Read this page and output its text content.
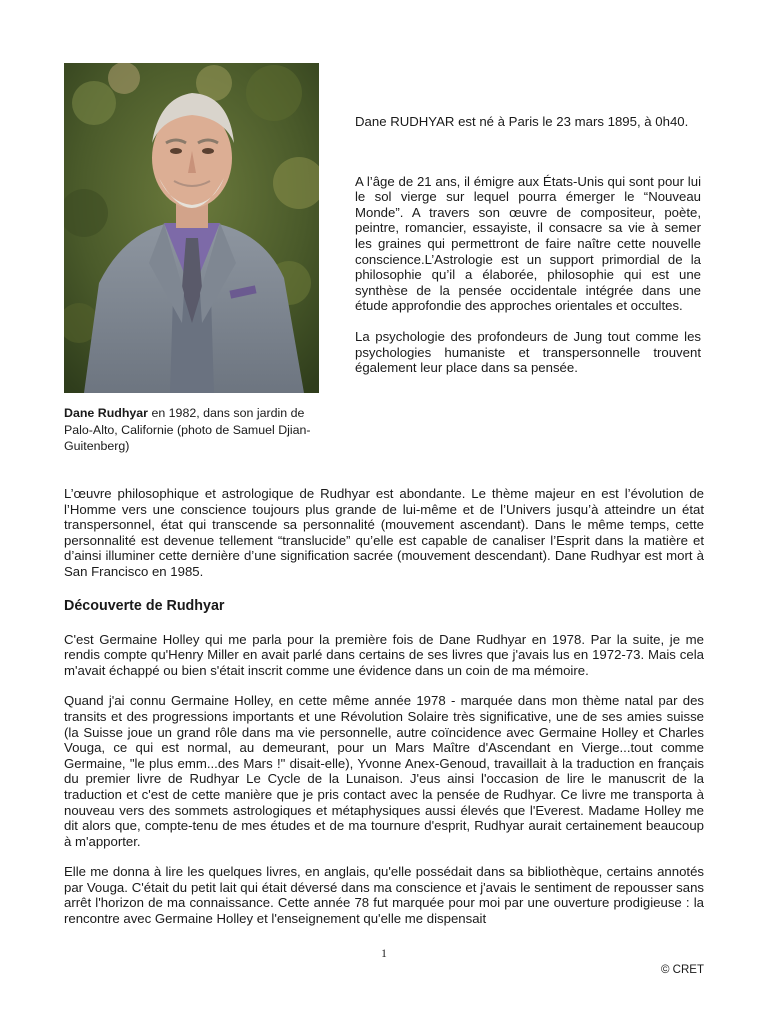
Dane Rudhyar en 1982, dans son jardin de Palo-Alto, Californie (photo de Samuel Djian-Guitenberg)

Dane RUDHYAR est né à Paris le 23 mars 1895, à 0h40.

A l’âge de 21 ans, il émigre aux États-Unis qui sont pour lui le sol vierge sur lequel pourra émerger le “Nouveau Monde”. A travers son œuvre de compositeur, poète, peintre, romancier, essayiste, il consacre sa vie à semer les graines qui permettront de faire naître cette nouvelle conscience.L’Astrologie est un support primordial de la philosophie qu’il a élaborée, philosophie qui est une synthèse de la pensée occidentale intégrée dans une étude approfondie des approches orientales et occultes.

La psychologie des profondeurs de Jung tout comme les psychologies humaniste et transpersonnelle trouvent également leur place dans sa pensée.

L’œuvre philosophique et astrologique de Rudhyar est abondante. Le thème majeur en est l’évolution de l’Homme vers une conscience toujours plus grande de lui-même et de l’Univers jusqu’à atteindre un état transpersonnel, état qui transcende sa personnalité (mouvement ascendant). Dans le même temps, cette personnalité est devenue tellement “translucide” qu’elle est capable de canaliser l’Esprit dans la matière et d’ainsi illuminer cette dernière d’une signification sacrée (mouvement descendant). Dane Rudhyar est mort à San Francisco en 1985.

Découverte de Rudhyar

C'est Germaine Holley qui me parla pour la première fois de Dane Rudhyar en 1978. Par la suite, je me rendis compte qu'Henry Miller en avait parlé dans certains de ses livres que j'avais lus en 1972-73. Mais cela m'avait échappé ou bien s'était inscrit comme une évidence dans un coin de ma mémoire.

Quand j'ai connu Germaine Holley, en cette même année 1978 - marquée dans mon thème natal par des transits et des progressions importants et une Révolution Solaire très significative, une de ses amies suisse (la Suisse joue un grand rôle dans ma vie personnelle, autre coïncidence avec Germaine Holley et Charles Vouga, ce qui est normal, au demeurant, pour un Mars Maître d'Ascendant en Vierge...tout comme Germaine, "le plus emm...des Mars !" disait-elle), Yvonne Anex-Genoud, travaillait à la traduction en français du premier livre de Rudhyar Le Cycle de la Lunaison. J'eus ainsi l'occasion de lire le manuscrit de la traduction et c'est de cette manière que je pris contact avec la pensée de Rudhyar. Ce livre me transporta à nouveau vers des sommets astrologiques et métaphysiques aussi élevés que l'Everest. Madame Holley me dit alors que, compte-tenu de mes études et de ma tournure d'esprit, Rudhyar aurait certainement beaucoup à m'apporter.

Elle me donna à lire les quelques livres, en anglais, qu'elle possédait dans sa bibliothèque, certains annotés par Vouga. C'était du petit lait qui était déversé dans ma conscience et j'avais le sentiment de repousser sans arrêt l'horizon de ma connaissance. Cette année 78 fut marquée pour moi par une ouverture prodigieuse : la rencontre avec Germaine Holley et l'enseignement qu'elle me dispensait

1
© CRET
